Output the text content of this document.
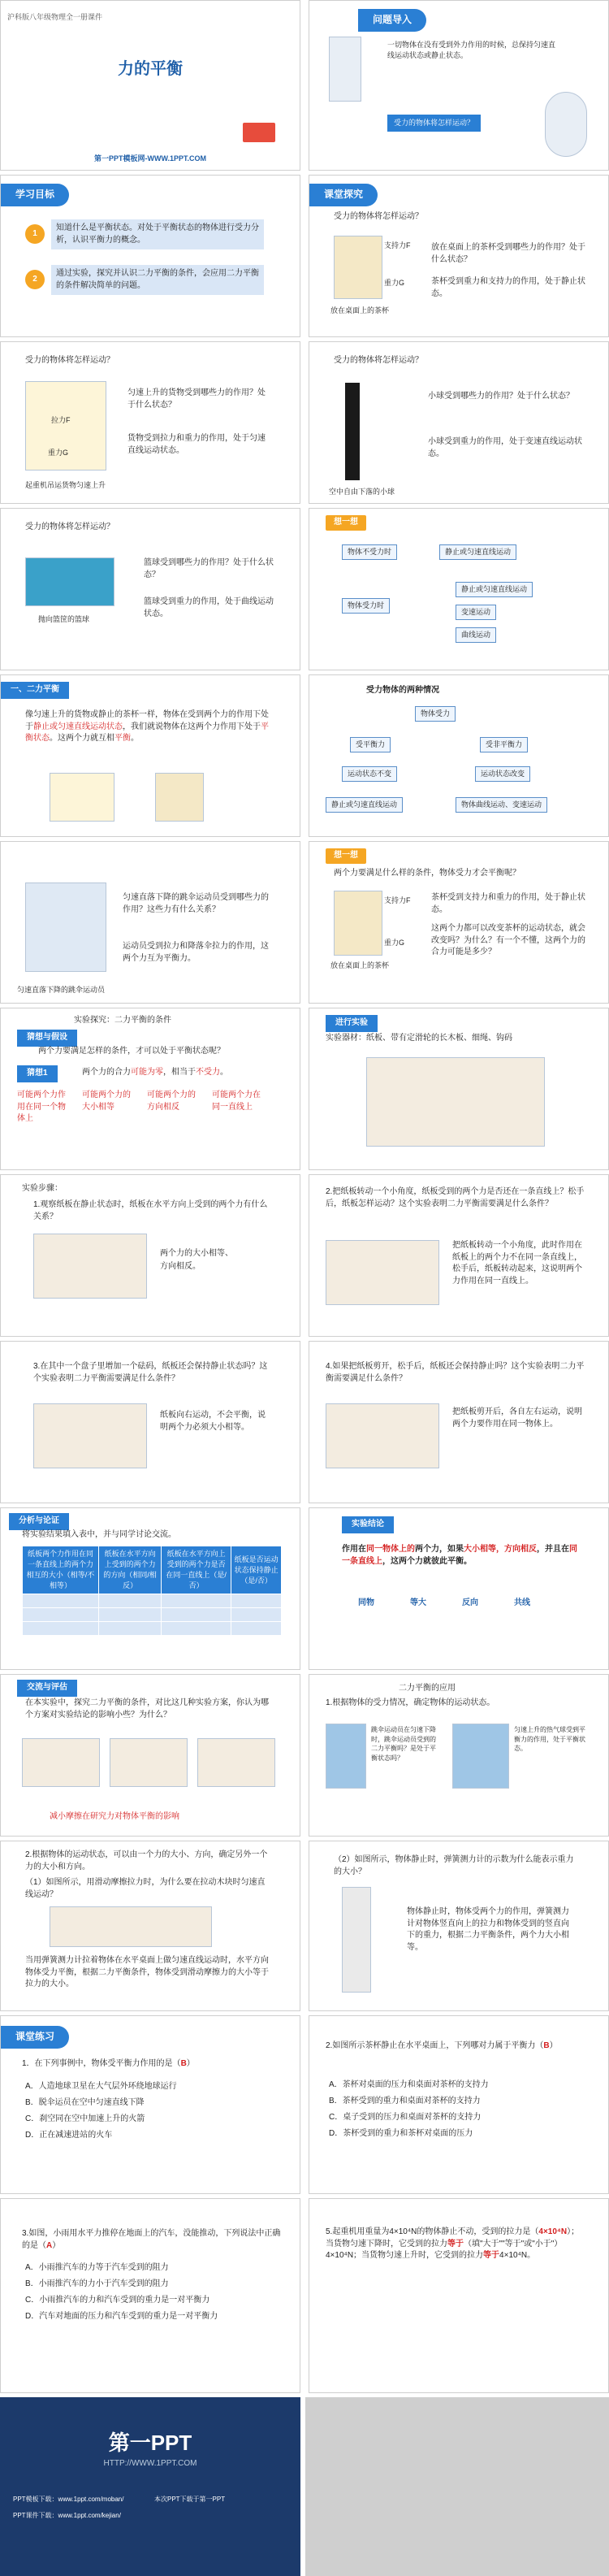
沪科版八年级物理全一册课件
力的平衡
第一PPT模板网-WWW.1PPT.COM
问题导入
一切物体在没有受到外力作用的时候，总保持匀速直线运动状态或静止状态。
受力的物体将怎样运动？
学习目标
1
知道什么是平衡状态。对处于平衡状态的物体进行受力分析，认识平衡力的概念。
2
通过实验，探究并认识二力平衡的条件，会应用二力平衡的条件解决简单的问题。
课堂探究
受力的物体将怎样运动？
支持力F
重力G
放在桌面上的茶杯
放在桌面上的茶杯受到哪些力的作用？处于什么状态？
茶杯受到重力和支持力的作用，处于静止状态。
受力的物体将怎样运动？
拉力F
重力G
匀速上升的货物受到哪些力的作用？处于什么状态？
货物受到拉力和重力的作用，处于匀速直线运动状态。
起重机吊运货物匀速上升
受力的物体将怎样运动？
小球受到哪些力的作用？处于什么状态？
小球受到重力的作用，处于变速直线运动状态。
空中自由下落的小球
受力的物体将怎样运动？
抛向篮筐的篮球
篮球受到哪些力的作用？处于什么状态？
篮球受到重力的作用，处于曲线运动状态。
想一想
物体不受力时	静止或匀速直线运动
物体受力时
静止或匀速直线运动
变速运动
曲线运动
一、二力平衡
像匀速上升的货物或静止的茶杯一样，物体在受到两个力的作用下处于静止或匀速直线运动状态，我们就说物体在这两个力作用下处于平衡状态。这两个力就互相平衡。
受力物体的两种情况
物体受力
受平衡力	受非平衡力
运动状态不变	运动状态改变
静止或匀速直线运动	物体曲线运动、变速运动
匀速直落下降的跳伞运动员受到哪些力的作用？这些力有什么关系？
运动员受到拉力和降落伞拉力的作用，这两个力互为平衡力。
匀速直落下降的跳伞运动员
想一想
两个力要满足什么样的条件，物体受力才会平衡呢？
支持力F
重力G
放在桌面上的茶杯
茶杯受到支持力和重力的作用，处于静止状态。
这两个力都可以改变茶杯的运动状态，就会改变吗？为什么？有一个不懂，这两个力的合力可能是多少？
实验探究：二力平衡的条件
猜想与假设
两个力要满足怎样的条件，才可以处于平衡状态呢？
猜想1	两个力的合力可能为零，相当于不受力。
可能两个力作用在同一个物体上
可能两个力的大小相等
可能两个力的方向相反
可能两个力在同一直线上
进行实验
实验器材：纸板、带有定滑轮的长木板、细绳、钩码
实验步骤：
1.观察纸板在静止状态时，纸板在水平方向上受到的两个力有什么关系？
两个力的大小相等、
方向相反。
2.把纸板转动一个小角度，纸板受到的两个力是否还在一条直线上？松手后，纸板怎样运动？这个实验表明二力平衡需要满足什么条件？
把纸板转动一个小角度，此时作用在纸板上的两个力不在同一条直线上，松手后，纸板转动起来，这说明两个力作用在同一直线上。
3.在其中一个盘子里增加一个砝码，纸板还会保持静止状态吗？这个实验表明二力平衡需要满足什么条件？
纸板向右运动，不会平衡，说明两个力必须大小相等。
4.如果把纸板剪开，松手后，纸板还会保持静止吗？这个实验表明二力平衡需要满足什么条件？
把纸板剪开后，各自左右运动，说明两个力要作用在同一物体上。
分析与论证
将实验结果填入表中，并与同学讨论交流。
纸板两个力作用在同一条直线上的两个力相互的大小（相等/不相等）	纸板在水平方向上受到的两个力的方向（相同/相反）	纸板在水平方向上受到的两个力是否在同一直线上（是/否）	纸板是否运动状态保持静止（是/否）

实验结论
作用在同一物体上的两个力，如果大小相等，方向相反，并且在同一条直线上，这两个力就彼此平衡。
同物	等大	反向	共线
交流与评估
在本实验中，探究二力平衡的条件，对比这几种实验方案，你认为哪个方案对实验结论的影响小些？为什么？
减小摩擦在研究力对物体平衡的影响
二力平衡的应用
1.根据物体的受力情况，确定物体的运动状态。
跳伞运动员在匀速下降时，跳伞运动员受到的二力平衡吗？是处于平衡状态吗？
匀速上升的热气球受到平衡力的作用，处于平衡状态。
2.根据物体的运动状态，可以由一个力的大小、方向，确定另外一个力的大小和方向。
（1）如图所示，用滑动摩擦拉力时，为什么要在拉动木块时匀速直线运动？
当用弹簧测力计拉着物体在水平桌面上做匀速直线运动时，水平方向物体受力平衡，根据二力平衡条件，物体受到滑动摩擦力的大小等于拉力的大小。
（2）如图所示，物体静止时，弹簧测力计的示数为什么能表示重力的大小？
物体静止时，物体受两个力的作用，弹簧测力计对物体竖直向上的拉力和物体受到的竖直向下的重力，根据二力平衡条件，两个力大小相等。
课堂练习
1．在下列事例中，物体受平衡力作用的是（B）
A．人造地球卫星在大气层外环绕地球运行
B．脱伞运员在空中匀速直线下降
C．刹空同在空中加速上升的火箭
D．正在减速进站的火车
2.如图所示茶杯静止在水平桌面上，下列哪对力属于平衡力（B）
A．茶杯对桌面的压力和桌面对茶杯的支持力
B．茶杯受到的重力和桌面对茶杯的支持力
C．桌子受到的压力和桌面对茶杯的支持力
D．茶杯受到的重力和茶杯对桌面的压力
3.如图，小雨用水平力推停在地面上的汽车，没能推动，下列说法中正确的是（A）
A．小雨推汽车的力等于汽车受到的阻力
B．小雨推汽车的力小于汽车受到的阻力
C．小雨推汽车的力和汽车受到的重力是一对平衡力
D．汽车对地面的压力和汽车受到的重力是一对平衡力
5.起重机用重量为4×10⁴N的物体静止不动，受到的拉力是（4×10⁴N）；当货物匀速下降时，它受到的拉力等于（填"大于""等于"或"小于"）4×10⁴N；当货物匀速上升时，它受到的拉力等于4×10⁴N。
第一PPT
HTTP://WWW.1PPT.COM
PPT模板下载：www.1ppt.com/moban/	本次PPT下载于第一PPT
PPT课件下载：www.1ppt.com/kejian/
